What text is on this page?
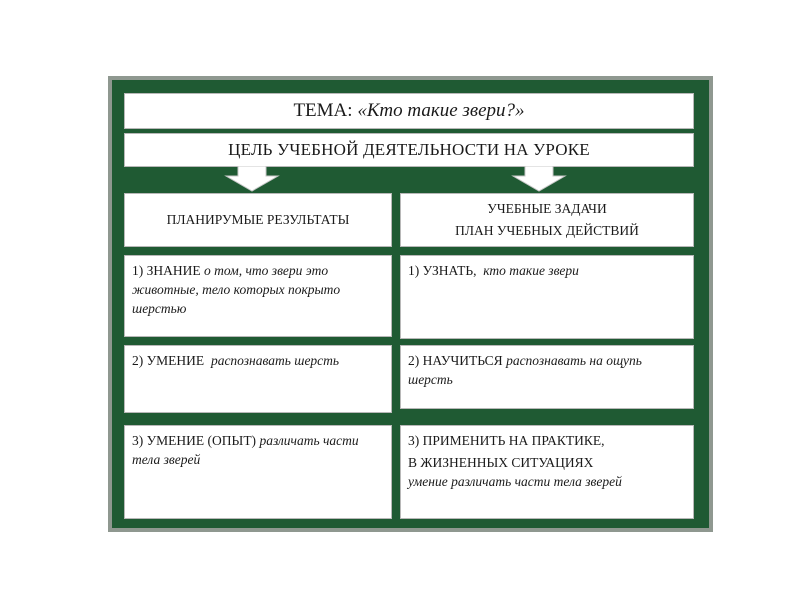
ТЕМА: «Кто такие звери?»
ЦЕЛЬ УЧЕБНОЙ ДЕЯТЕЛЬНОСТИ НА УРОКЕ
ПЛАНИРУМЫЕ РЕЗУЛЬТАТЫ
УЧЕБНЫЕ ЗАДАЧИ
ПЛАН УЧЕБНЫХ ДЕЙСТВИЙ
1) ЗНАНИЕ о том, что звери это животные, тело которых покрыто шерстью
1) УЗНАТЬ,  кто такие звери
2) УМЕНИЕ  распознавать шерсть	2) НАУЧИТЬСЯ распознавать на ощупь шерсть
3) УМЕНИЕ (ОПЫТ) различать части тела зверей
3) ПРИМЕНИТЬ НА ПРАКТИКЕ,
В ЖИЗНЕННЫХ СИТУАЦИЯХ
умение различать части тела зверей
